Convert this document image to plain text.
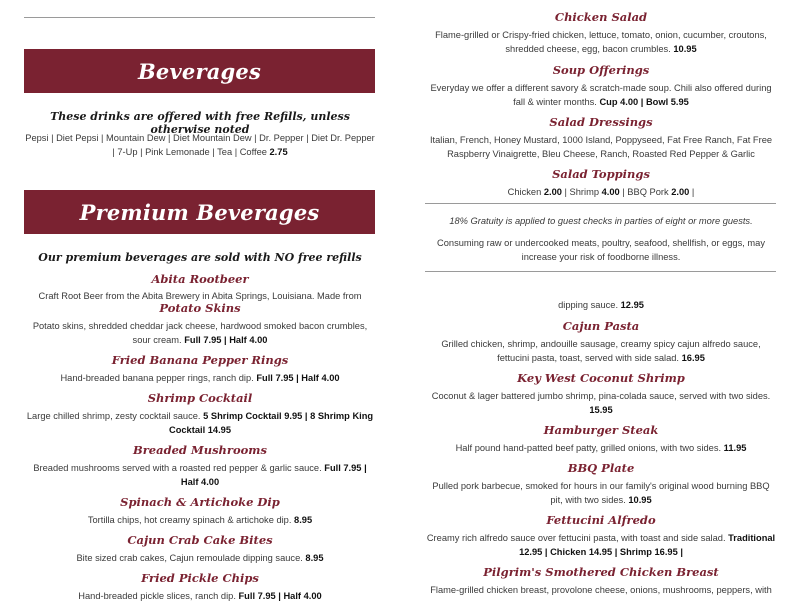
Beverages
These drinks are offered with free Refills, unless otherwise noted
Pepsi | Diet Pepsi | Mountain Dew | Diet Mountain Dew | Dr. Pepper | Diet Dr. Pepper | 7-Up | Pink Lemonade | Tea | Coffee 2.75
Premium Beverages
Our premium beverages are sold with NO free refills
Abita Rootbeer
Craft Root Beer from the Abita Brewery in Abita Springs, Louisiana. Made from
Potato Skins
Potato skins, shredded cheddar jack cheese, hardwood smoked bacon crumbles, sour cream. Full 7.95 | Half 4.00
Fried Banana Pepper Rings
Hand-breaded banana pepper rings, ranch dip. Full 7.95 | Half 4.00
Shrimp Cocktail
Large chilled shrimp, zesty cocktail sauce. 5 Shrimp Cocktail 9.95 | 8 Shrimp King Cocktail 14.95
Breaded Mushrooms
Breaded mushrooms served with a roasted red pepper & garlic sauce. Full 7.95 | Half 4.00
Spinach & Artichoke Dip
Tortilla chips, hot creamy spinach & artichoke dip. 8.95
Cajun Crab Cake Bites
Bite sized crab cakes, Cajun remoulade dipping sauce. 8.95
Fried Pickle Chips
Hand-breaded pickle slices, ranch dip. Full 7.95 | Half 4.00
Chicken Salad
Flame-grilled or Crispy-fried chicken, lettuce, tomato, onion, cucumber, croutons, shredded cheese, egg, bacon crumbles. 10.95
Soup Offerings
Everyday we offer a different savory & scratch-made soup. Chili also offered during fall & winter months. Cup 4.00 | Bowl 5.95
Salad Dressings
Italian, French, Honey Mustard, 1000 Island, Poppyseed, Fat Free Ranch, Fat Free Raspberry Vinaigrette, Bleu Cheese, Ranch, Roasted Red Pepper & Garlic
Salad Toppings
Chicken 2.00 | Shrimp 4.00 | BBQ Pork 2.00 |
18% Gratuity is applied to guest checks in parties of eight or more guests.
Consuming raw or undercooked meats, poultry, seafood, shellfish, or eggs, may increase your risk of foodborne illness.
dipping sauce. 12.95
Cajun Pasta
Grilled chicken, shrimp, andouille sausage, creamy spicy cajun alfredo sauce, fettucini pasta, toast, served with side salad. 16.95
Key West Coconut Shrimp
Coconut & lager battered jumbo shrimp, pina-colada sauce, served with two sides. 15.95
Hamburger Steak
Half pound hand-patted beef patty, grilled onions, with two sides. 11.95
BBQ Plate
Pulled pork barbecue, smoked for hours in our family's original wood burning BBQ pit, with two sides. 10.95
Fettucini Alfredo
Creamy rich alfredo sauce over fettucini pasta, with toast and side salad. Traditional 12.95 | Chicken 14.95 | Shrimp 16.95 |
Pilgrim's Smothered Chicken Breast
Flame-grilled chicken breast, provolone cheese, onions, mushrooms, peppers, with
